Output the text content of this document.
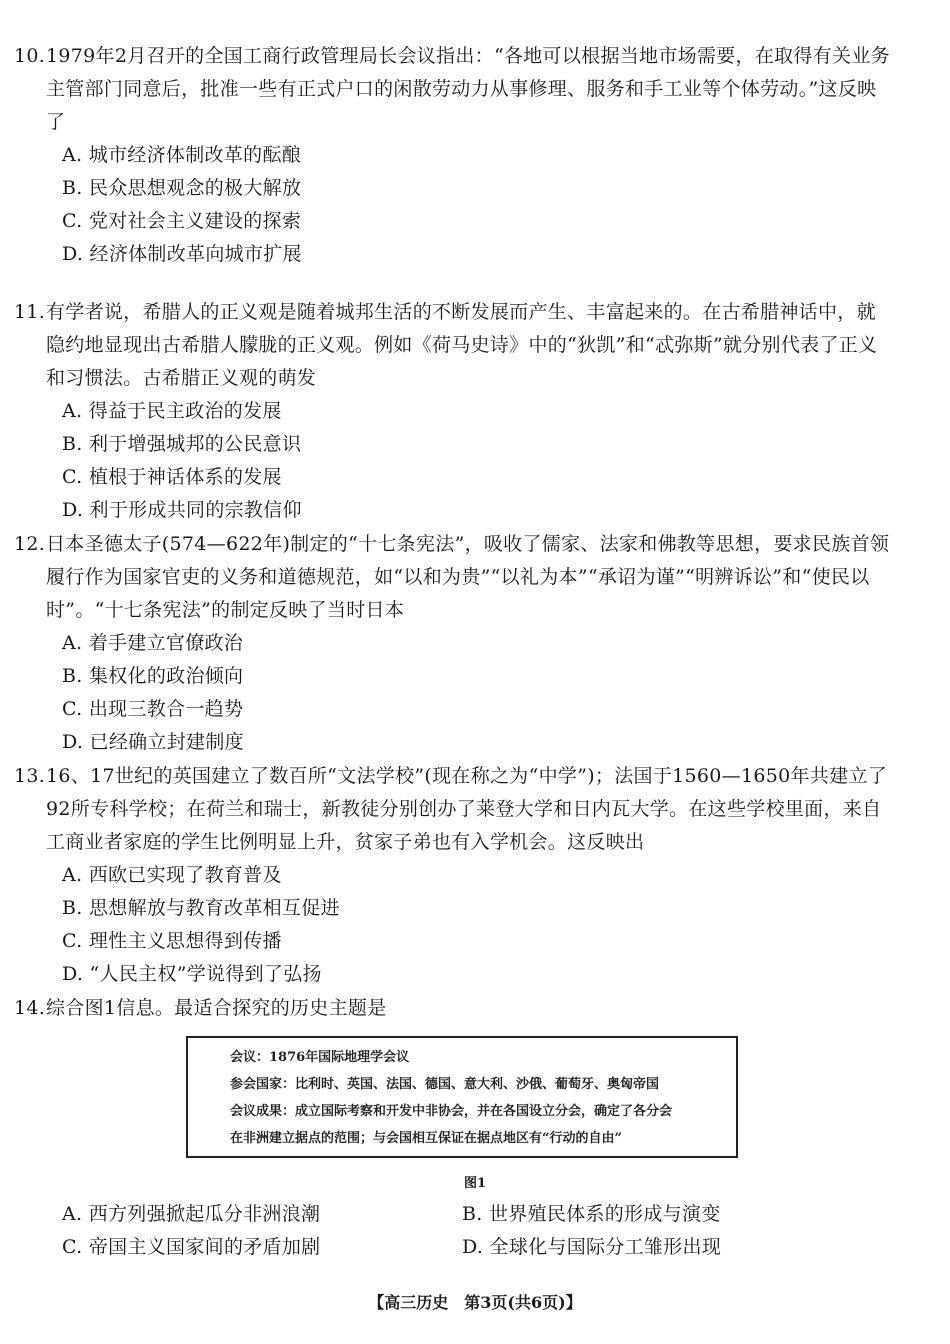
10.1979年2月召开的全国工商行政管理局长会议指出：“各地可以根据当地市场需要，在取得有关业务主管部门同意后，批准一些有正式户口的闲散劳动力从事修理、服务和手工业等个体劳动。”这反映了

A. 城市经济体制改革的酝酿

B. 民众思想观念的极大解放

C. 党对社会主义建设的探索

D. 经济体制改革向城市扩展

11.有学者说，希腊人的正义观是随着城邦生活的不断发展而产生、丰富起来的。在古希腊神话中，就隐约地显现出古希腊人朦胧的正义观。例如《荷马史诗》中的“狄凯”和“忒弥斯”就分别代表了正义和习惯法。古希腊正义观的萌发

A. 得益于民主政治的发展

B. 利于增强城邦的公民意识

C. 植根于神话体系的发展

D. 利于形成共同的宗教信仰

12.日本圣德太子(574—622年)制定的“十七条宪法”，吸收了儒家、法家和佛教等思想，要求民族首领履行作为国家官吏的义务和道德规范，如“以和为贵”“以礼为本”“承诏为谨”“明辨诉讼”和“使民以时”。“十七条宪法”的制定反映了当时日本

A. 着手建立官僚政治

B. 集权化的政治倾向

C. 出现三教合一趋势

D. 已经确立封建制度

13.16、17世纪的英国建立了数百所“文法学校”(现在称之为“中学”)；法国于1560—1650年共建立了92所专科学校；在荷兰和瑞士，新教徒分别创办了莱登大学和日内瓦大学。在这些学校里面，来自工商业者家庭的学生比例明显上升，贫家子弟也有入学机会。这反映出

A. 西欧已实现了教育普及

B. 思想解放与教育改革相互促进

C. 理性主义思想得到传播

D. “人民主权”学说得到了弘扬

14.综合图1信息。最适合探究的历史主题是

会议：1876年国际地理学会议

参会国家：比利时、英国、法国、德国、意大利、沙俄、葡萄牙、奥匈帝国

会议成果：成立国际考察和开发中非协会，并在各国设立分会，确定了各分会

在非洲建立据点的范围；与会国相互保证在据点地区有“行动的自由”

图1

A. 西方列强掀起瓜分非洲浪潮	B. 世界殖民体系的形成与演变

C. 帝国主义国家间的矛盾加剧	D. 全球化与国际分工雏形出现

【高三历史　第3页(共6页)】
